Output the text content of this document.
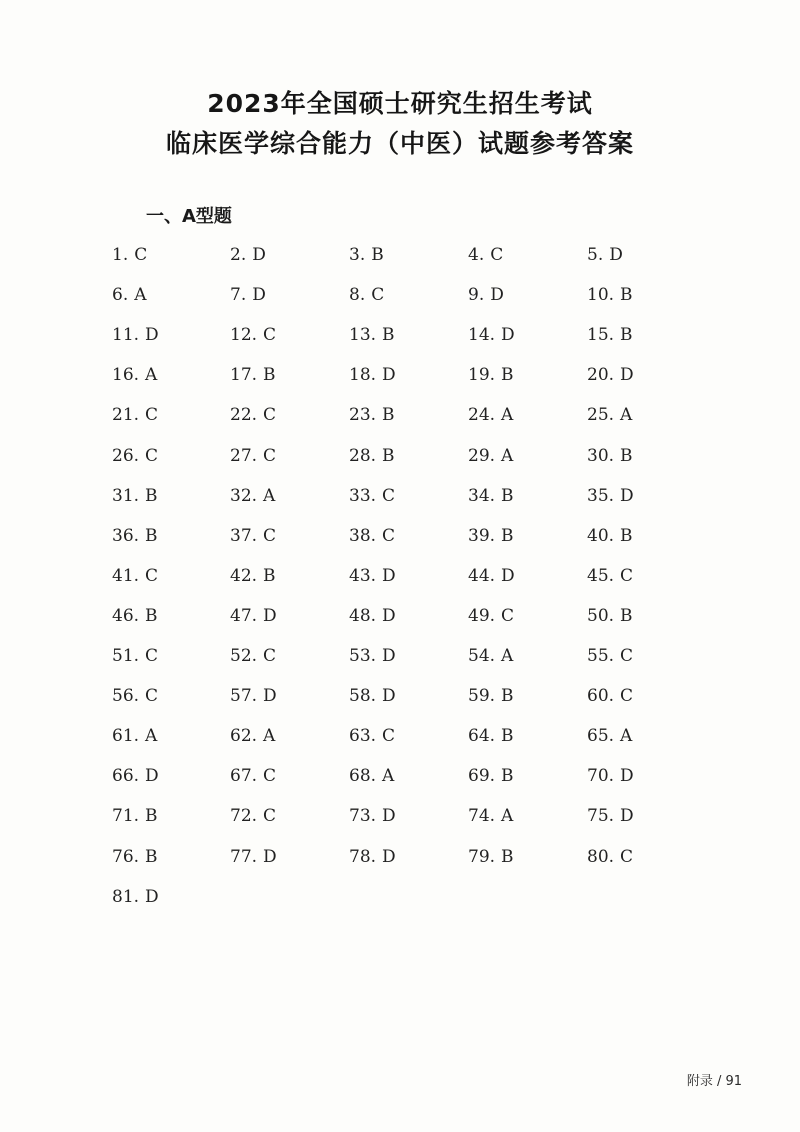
2023年全国硕士研究生招生考试
临床医学综合能力（中医）试题参考答案
一、A型题
1. C	2. D	3. B	4. C	5. D
6. A	7. D	8. C	9. D	10. B
11. D	12. C	13. B	14. D	15. B
16. A	17. B	18. D	19. B	20. D
21. C	22. C	23. B	24. A	25. A
26. C	27. C	28. B	29. A	30. B
31. B	32. A	33. C	34. B	35. D
36. B	37. C	38. C	39. B	40. B
41. C	42. B	43. D	44. D	45. C
46. B	47. D	48. D	49. C	50. B
51. C	52. C	53. D	54. A	55. C
56. C	57. D	58. D	59. B	60. C
61. A	62. A	63. C	64. B	65. A
66. D	67. C	68. A	69. B	70. D
71. B	72. C	73. D	74. A	75. D
76. B	77. D	78. D	79. B	80. C
81. D
附录 / 91
